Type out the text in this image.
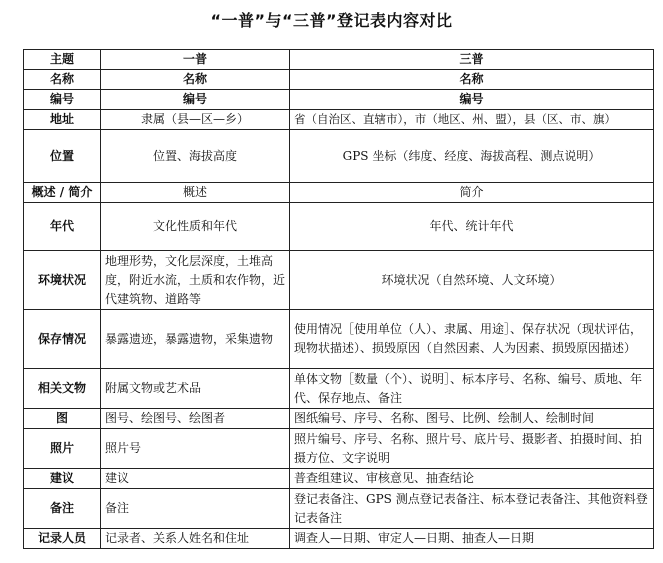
“一普”与“三普”登记表内容对比
主题	一普	三普
名称	名称	名称
编号	编号	编号
地址	隶属（县—区—乡）	省（自治区、直辖市），市（地区、州、盟），县（区、市、旗）
位置	位置、海拔高度	GPS 坐标（纬度、经度、海拔高程、测点说明）
概述 / 简介	概述	简介
年代	文化性质和年代	年代、统计年代
环境状况	地理形势，文化层深度，土堆高度，附近水流，土质和农作物，近代建筑物、道路等	环境状况（自然环境、人文环境）
保存情况	暴露遗迹，暴露遗物，采集遗物	使用情况［使用单位（人）、隶属、用途］、保存状况（现状评估，现物状描述）、损毁原因（自然因素、人为因素、损毁原因描述）
相关文物	附属文物或艺术品	单体文物［数量（个）、说明］、标本序号、名称、编号、质地、年代、保存地点、备注
图	图号、绘图号、绘图者	图纸编号、序号、名称、图号、比例、绘制人、绘制时间
照片	照片号	照片编号、序号、名称、照片号、底片号、摄影者、拍摄时间、拍摄方位、文字说明
建议	建议	普查组建议、审核意见、抽查结论
备注	备注	登记表备注、GPS 测点登记表备注、标本登记表备注、其他资料登记表备注
记录人员	记录者、关系人姓名和住址	调查人—日期、审定人—日期、抽查人—日期
